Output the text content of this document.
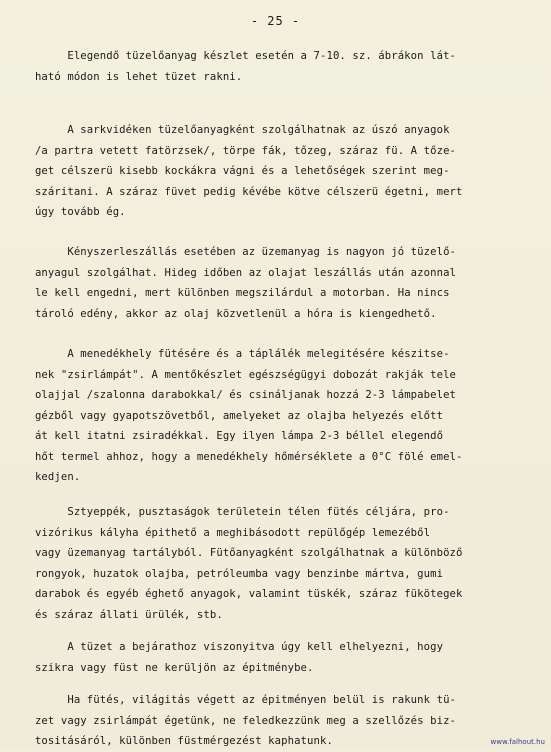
- 25 -
Elegendő tüzelőanyag készlet esetén a 7-10. sz. ábrákon lát-
ható módon is lehet tüzet rakni.
A sarkvidéken tüzelőanyagként szolgálhatnak az úszó anyagok
/a partra vetett fatörzsek/, törpe fák, tőzeg, száraz fü. A tőze-
get célszerü kisebb kockákra vágni és a lehetőségek szerint meg-
száritani. A száraz füvet pedig kévébe kötve célszerü égetni, mert
úgy tovább ég.
Kényszerleszállás esetében az üzemanyag is nagyon jó tüzelő-
anyagul szolgálhat. Hideg időben az olajat leszállás után azonnal
le kell engedni, mert különben megszilárdul a motorban. Ha nincs
tároló edény, akkor az olaj közvetlenül a hóra is kiengedhető.
A menedékhely fütésére és a táplálék melegitésére készitse-
nek "zsirlámpát". A mentőkészlet egészségügyi dobozát rakják tele
olajjal /szalonna darabokkal/ és csináljanak hozzá 2-3 lámpabelet
gézből vagy gyapotszövetből, amelyeket az olajba helyezés előtt
át kell itatni zsiradékkal. Egy ilyen lámpa 2-3 béllel elegendő
hőt termel ahhoz, hogy a menedékhely hőmérséklete a 0°C fölé emel-
kedjen.
Sztyeppék, pusztaságok területein télen fütés céljára, pro-
vizórikus kályha épithető a meghibásodott repülőgép lemezéből
vagy üzemanyag tartályból. Fütőanyagként szolgálhatnak a különböző
rongyok, huzatok olajba, petróleumba vagy benzinbe mártva, gumi
darabok és egyéb éghető anyagok, valamint tüskék, száraz fükötegek
és száraz állati ürülék, stb.
A tüzet a bejárathoz viszonyitva úgy kell elhelyezni, hogy
szikra vagy füst ne kerüljön az épitménybe.
Ha fütés, világitás végett az épitményen belül is rakunk tü-
zet vagy zsirlámpát égetünk, ne feledkezzünk meg a szellőzés biz-
tositásáról, különben füstmérgezést kaphatunk.	www.falhout.hu
